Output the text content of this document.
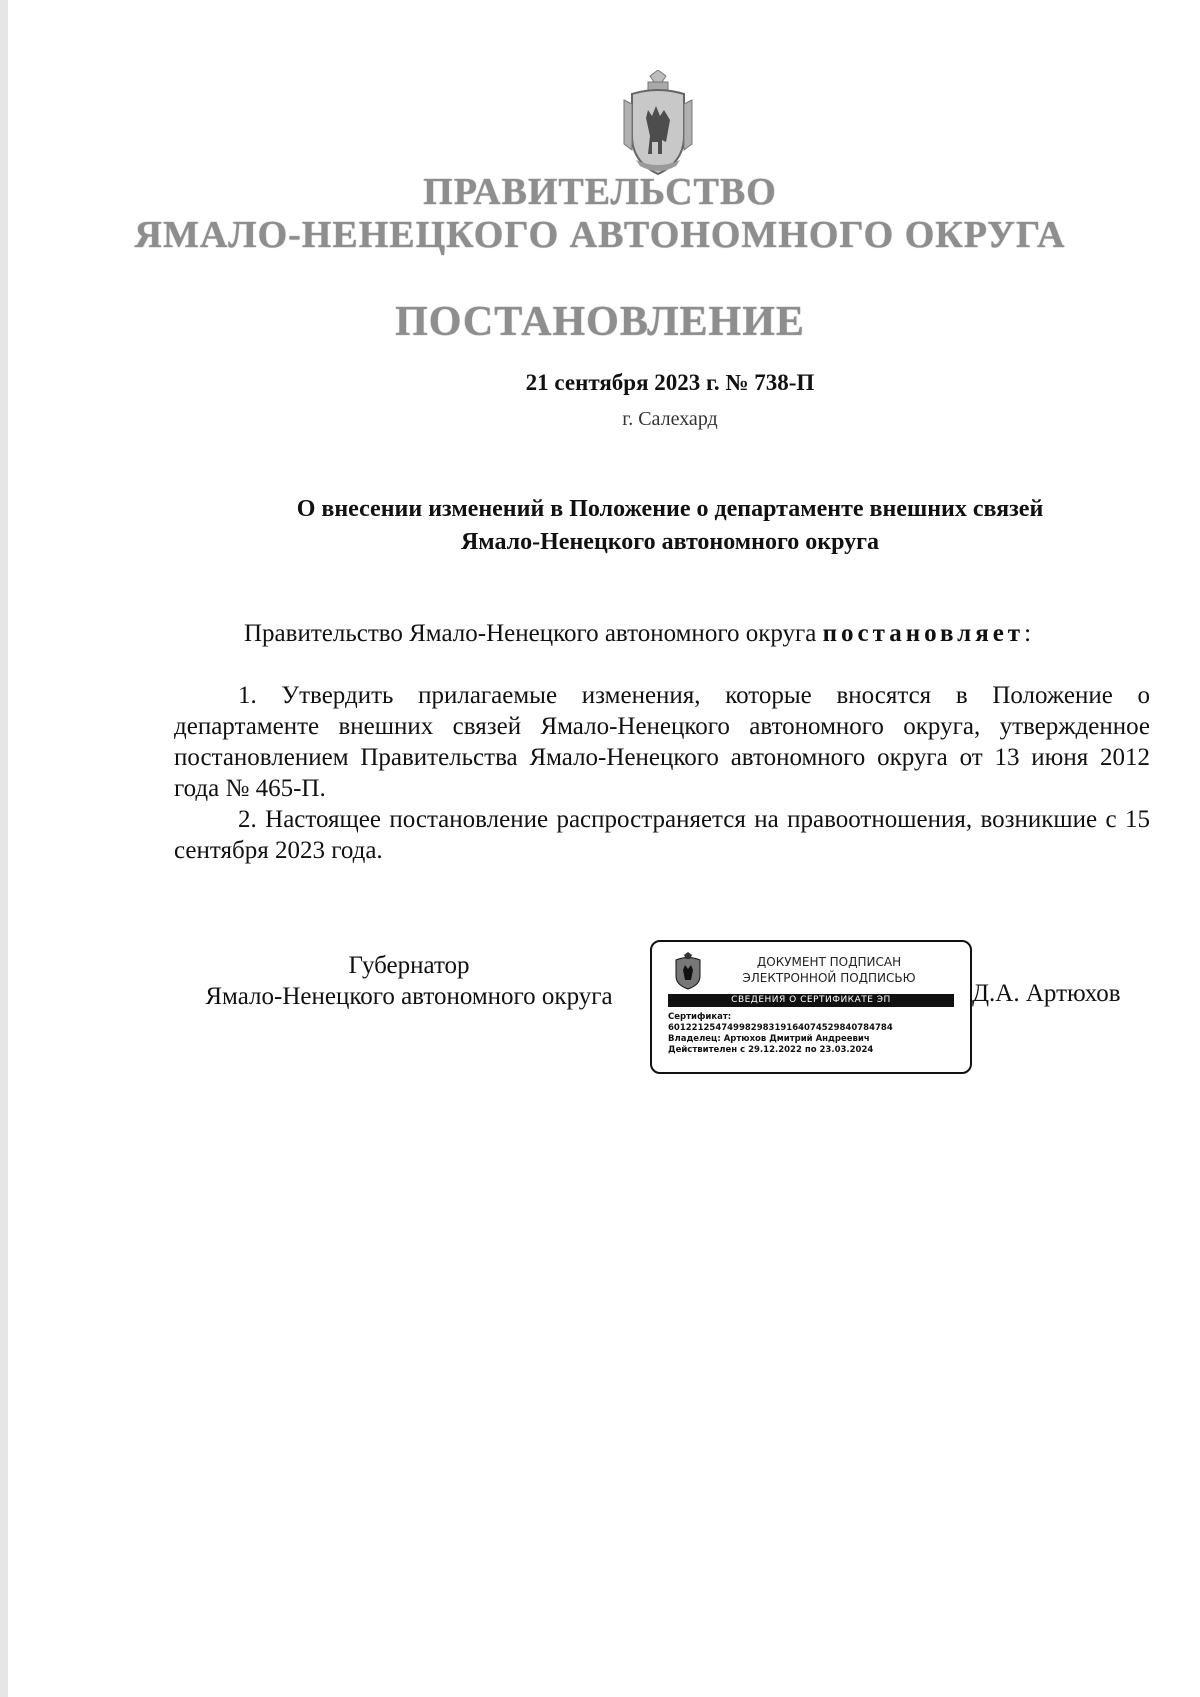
ПРАВИТЕЛЬСТВО
ЯМАЛО-НЕНЕЦКОГО АВТОНОМНОГО ОКРУГА
ПОСТАНОВЛЕНИЕ
21 сентября 2023 г. № 738-П
г. Салехард
О внесении изменений в Положение о департаменте внешних связей
Ямало-Ненецкого автономного округа

Правительство Ямало-Ненецкого автономного округа постановляет:

1. Утвердить прилагаемые изменения, которые вносятся в Положение о департаменте внешних связей Ямало-Ненецкого автономного округа, утвержденное постановлением Правительства Ямало-Ненецкого автономного округа от 13 июня 2012 года № 465-П.

2. Настоящее постановление распространяется на правоотношения, возникшие с 15 сентября 2023 года.

Губернатор
Ямало-Ненецкого автономного округа
ДОКУМЕНТ ПОДПИСАН
ЭЛЕКТРОННОЙ ПОДПИСЬЮ
СВЕДЕНИЯ О СЕРТИФИКАТЕ ЭП
Сертификат:
60122125474998298319164074529840784784
Владелец: Артюхов Дмитрий Андреевич
Действителен с 29.12.2022 по 23.03.2024
Д.А. Артюхов
